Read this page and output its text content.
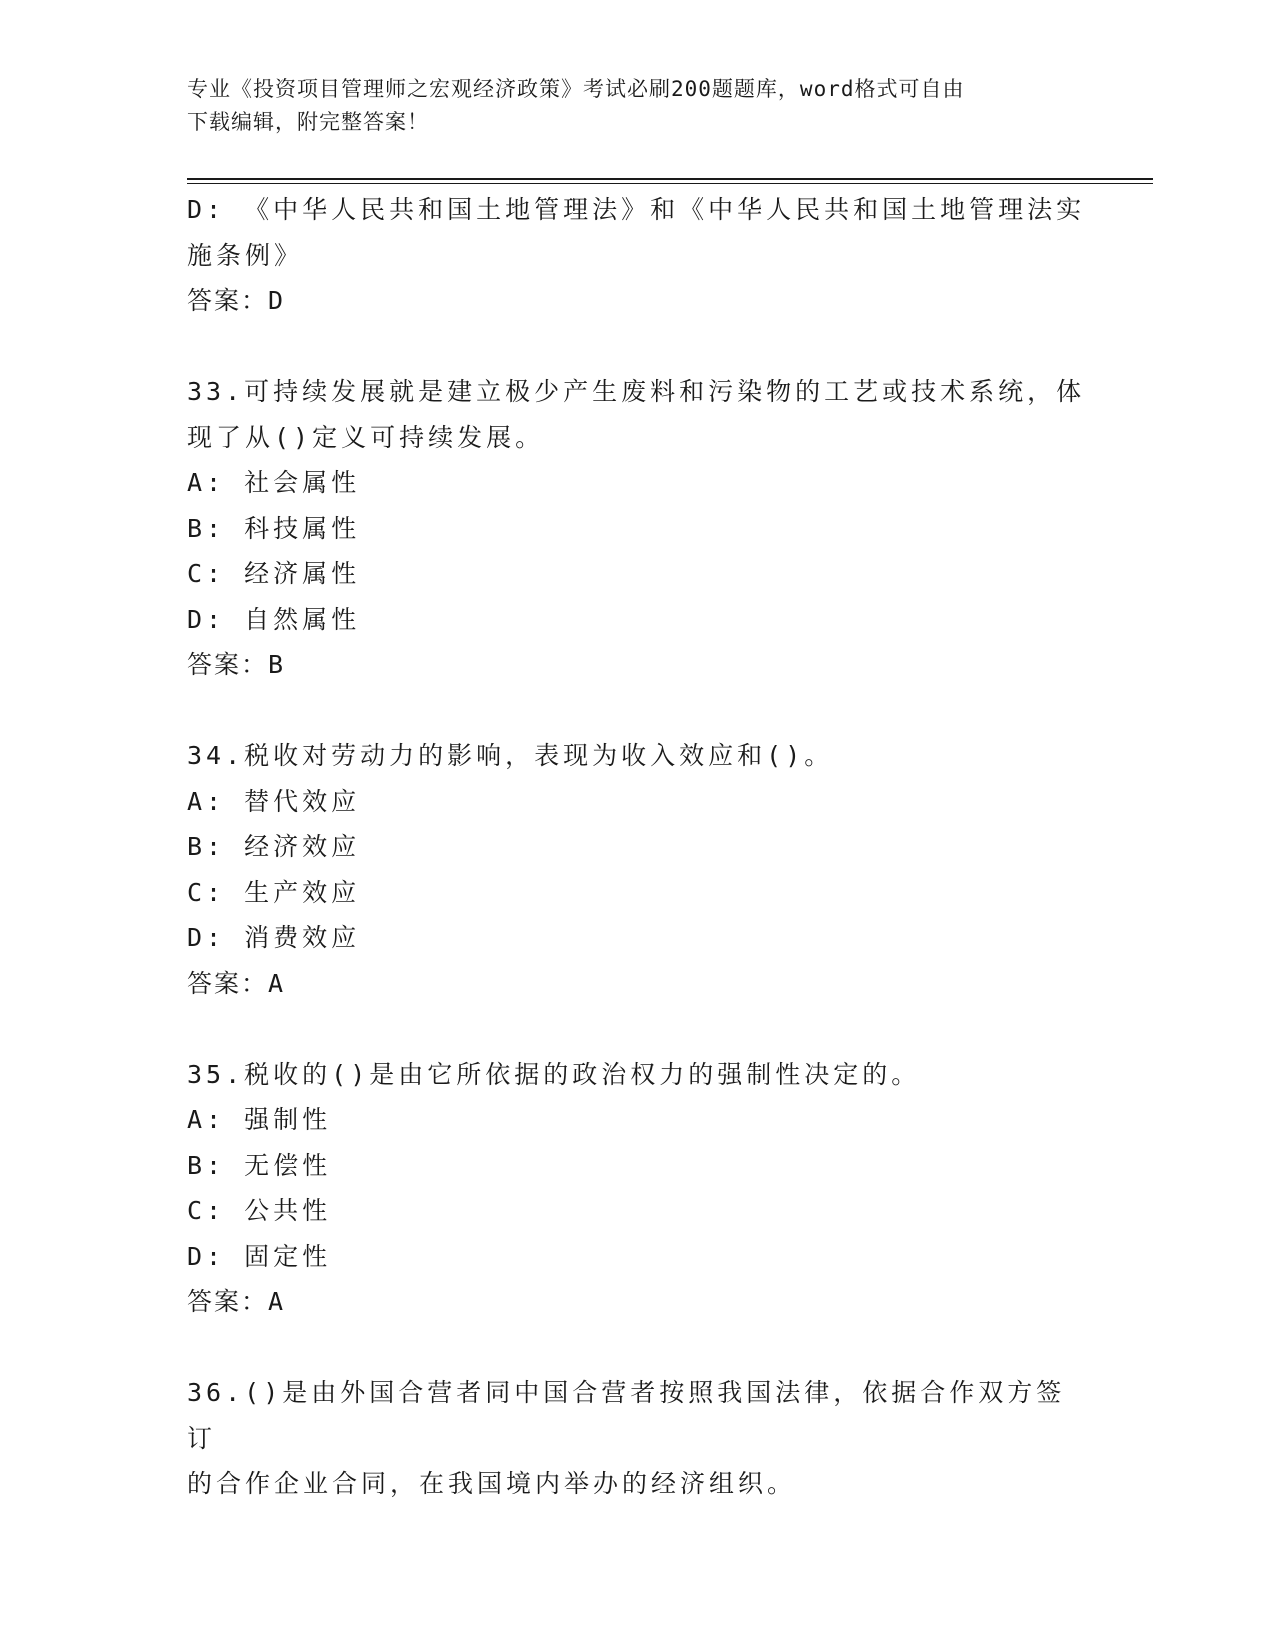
专业《投资项目管理师之宏观经济政策》考试必刷200题题库，word格式可自由
下载编辑，附完整答案！
D: 《中华人民共和国土地管理法》和《中华人民共和国土地管理法实
施条例》
答案：D
33.可持续发展就是建立极少产生废料和污染物的工艺或技术系统，体
现了从()定义可持续发展。
A: 社会属性
B: 科技属性
C: 经济属性
D: 自然属性
答案：B
34.税收对劳动力的影响，表现为收入效应和()。
A: 替代效应
B: 经济效应
C: 生产效应
D: 消费效应
答案：A
35.税收的()是由它所依据的政治权力的强制性决定的。
A: 强制性
B: 无偿性
C: 公共性
D: 固定性
答案：A
36.()是由外国合营者同中国合营者按照我国法律，依据合作双方签订
的合作企业合同，在我国境内举办的经济组织。
